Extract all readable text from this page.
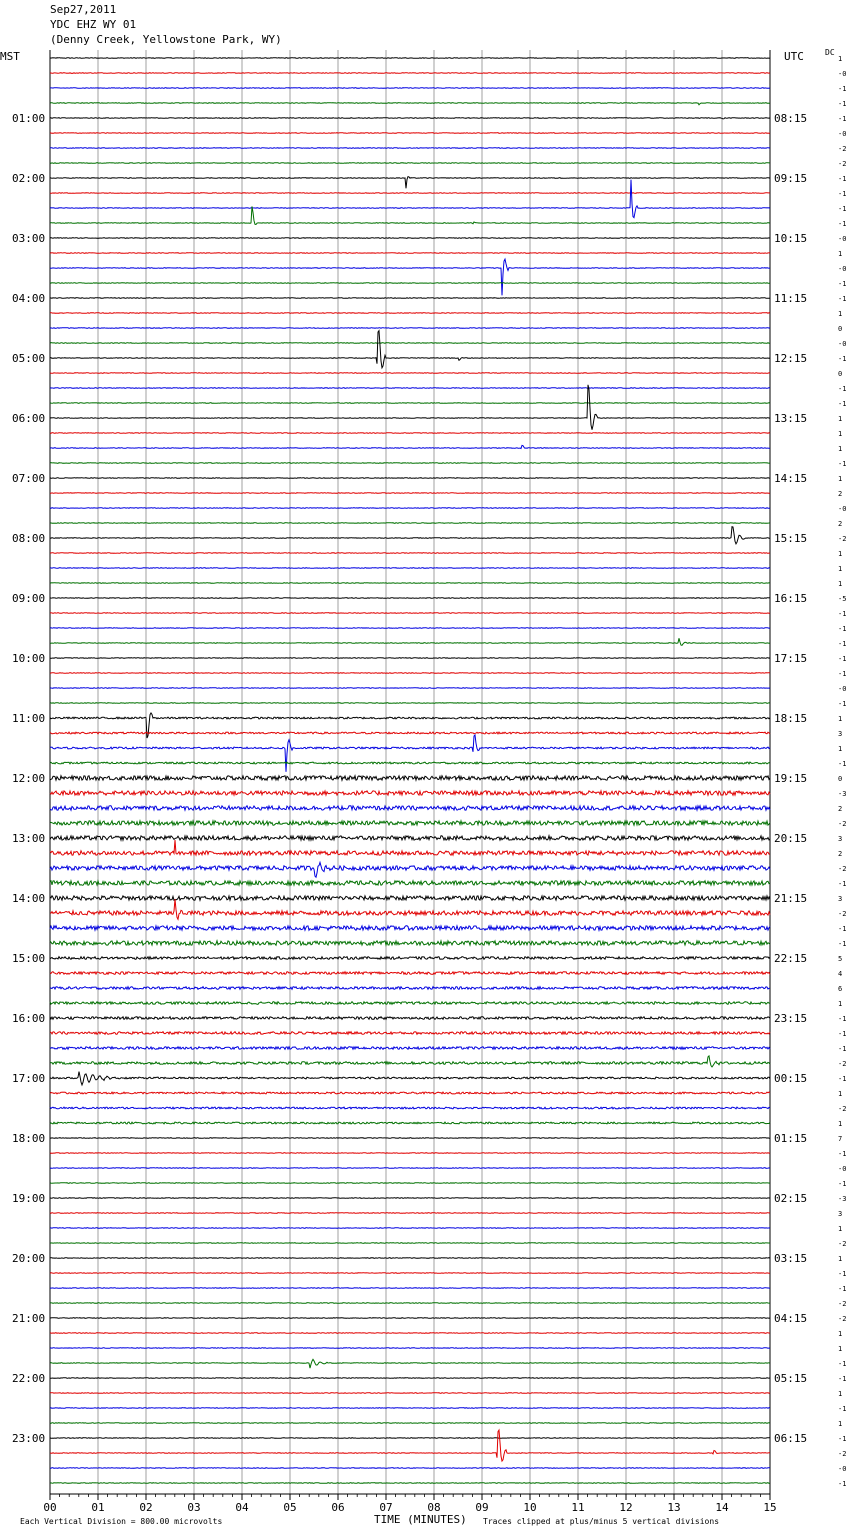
Sep27,2011
YDC EHZ WY 01
(Denny Creek, Yellowstone Park, WY)
MST	UTC	DC
00	01	02	03	04	05	06	07	08	09	10	11	12	13	14	15
1
-0
-1
-1
-1
-0
-2
-2
-1
-1
-1
-1
-0
1
-0
-1
-1
1
0
-0
-1
0
-1
-1
1
1
1
-1
1
2
-0
2
-2
1
1
1
-5
-1
-1
-1
-1
-1
-0
-1
1
3
1
-1
0
-3
2
-2
3
2
-2
-1
3
-2
-1
-1
5
4
6
1
-1
-1
-1
-2
-1
1
-2
1
7
-1
-0
-1
-3
3
1
-2
1
-1
-1
-2
-2
1
1
-1
-1
1
-1
1
-1
-2
-0
-1
01:00	08:15
02:00	09:15
03:00	10:15
04:00	11:15
05:00	12:15
06:00	13:15
07:00	14:15
08:00	15:15
09:00	16:15
10:00	17:15
11:00	18:15
12:00	19:15
13:00	20:15
14:00	21:15
15:00	22:15
16:00	23:15
17:00	00:15
18:00	01:15
19:00	02:15
20:00	03:15
21:00	04:15
22:00	05:15
23:00	06:15
Each Vertical Division = 800.00 microvolts	TIME (MINUTES) Traces clipped at plus/minus 5 vertical divisions
